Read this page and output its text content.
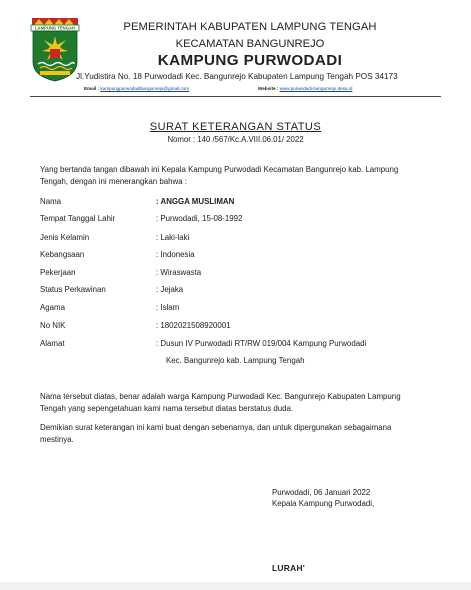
LAMPUNG TENGAH	PEMERINTAH KABUPATEN LAMPUNG TENGAH
KECAMATAN BANGUNREJO
KAMPUNG PURWODADI
Jl.Yudistira No. 18 Purwodadi Kec. Bangunrejo Kabupaten Lampung Tengah POS 34173
Email : kampungpurwodadibangunrejo@gmail.com	Website : www.purwodadi-bangunrejo.desa.id
SURAT KETERANGAN STATUS
Nomor : 140 /567/Kc.A.VIII.06.01/ 2022
Yang bertanda tangan dibawah ini Kepala Kampung Purwodadi Kecamatan Bangunrejo kab. Lampung Tengah, dengan ini menerangkan bahwa :
Nama	: ANGGA MUSLIMAN
Tempat Tanggal Lahir	: Purwodadi, 15-08-1992
Jenis Kelamin	: Laki-laki
Kebangsaan	: Indonesia
Pekerjaan	: Wiraswasta
Status Perkawinan	: Jejaka
Agama	: Islam
No NIK	: 1802021508920001
Alamat	: Dusun IV Purwodadi RT/RW 019/004 Kampung Purwodadi
Kec. Bangunrejo kab. Lampung Tengah
Nama tersebut diatas, benar adalah warga Kampung Purwodadi Kec. Bangunrejo Kabupaten Lampung Tengah yang sepengetahuan kami nama tersebut diatas berstatus duda.
Demikian surat keterangan ini kami buat dengan sebenarnya, dan untuk dipergunakan sebagaimana mestinya.
Purwodadi, 06 Januari 2022
Kepala Kampung Purwodadi,
LURAH'
